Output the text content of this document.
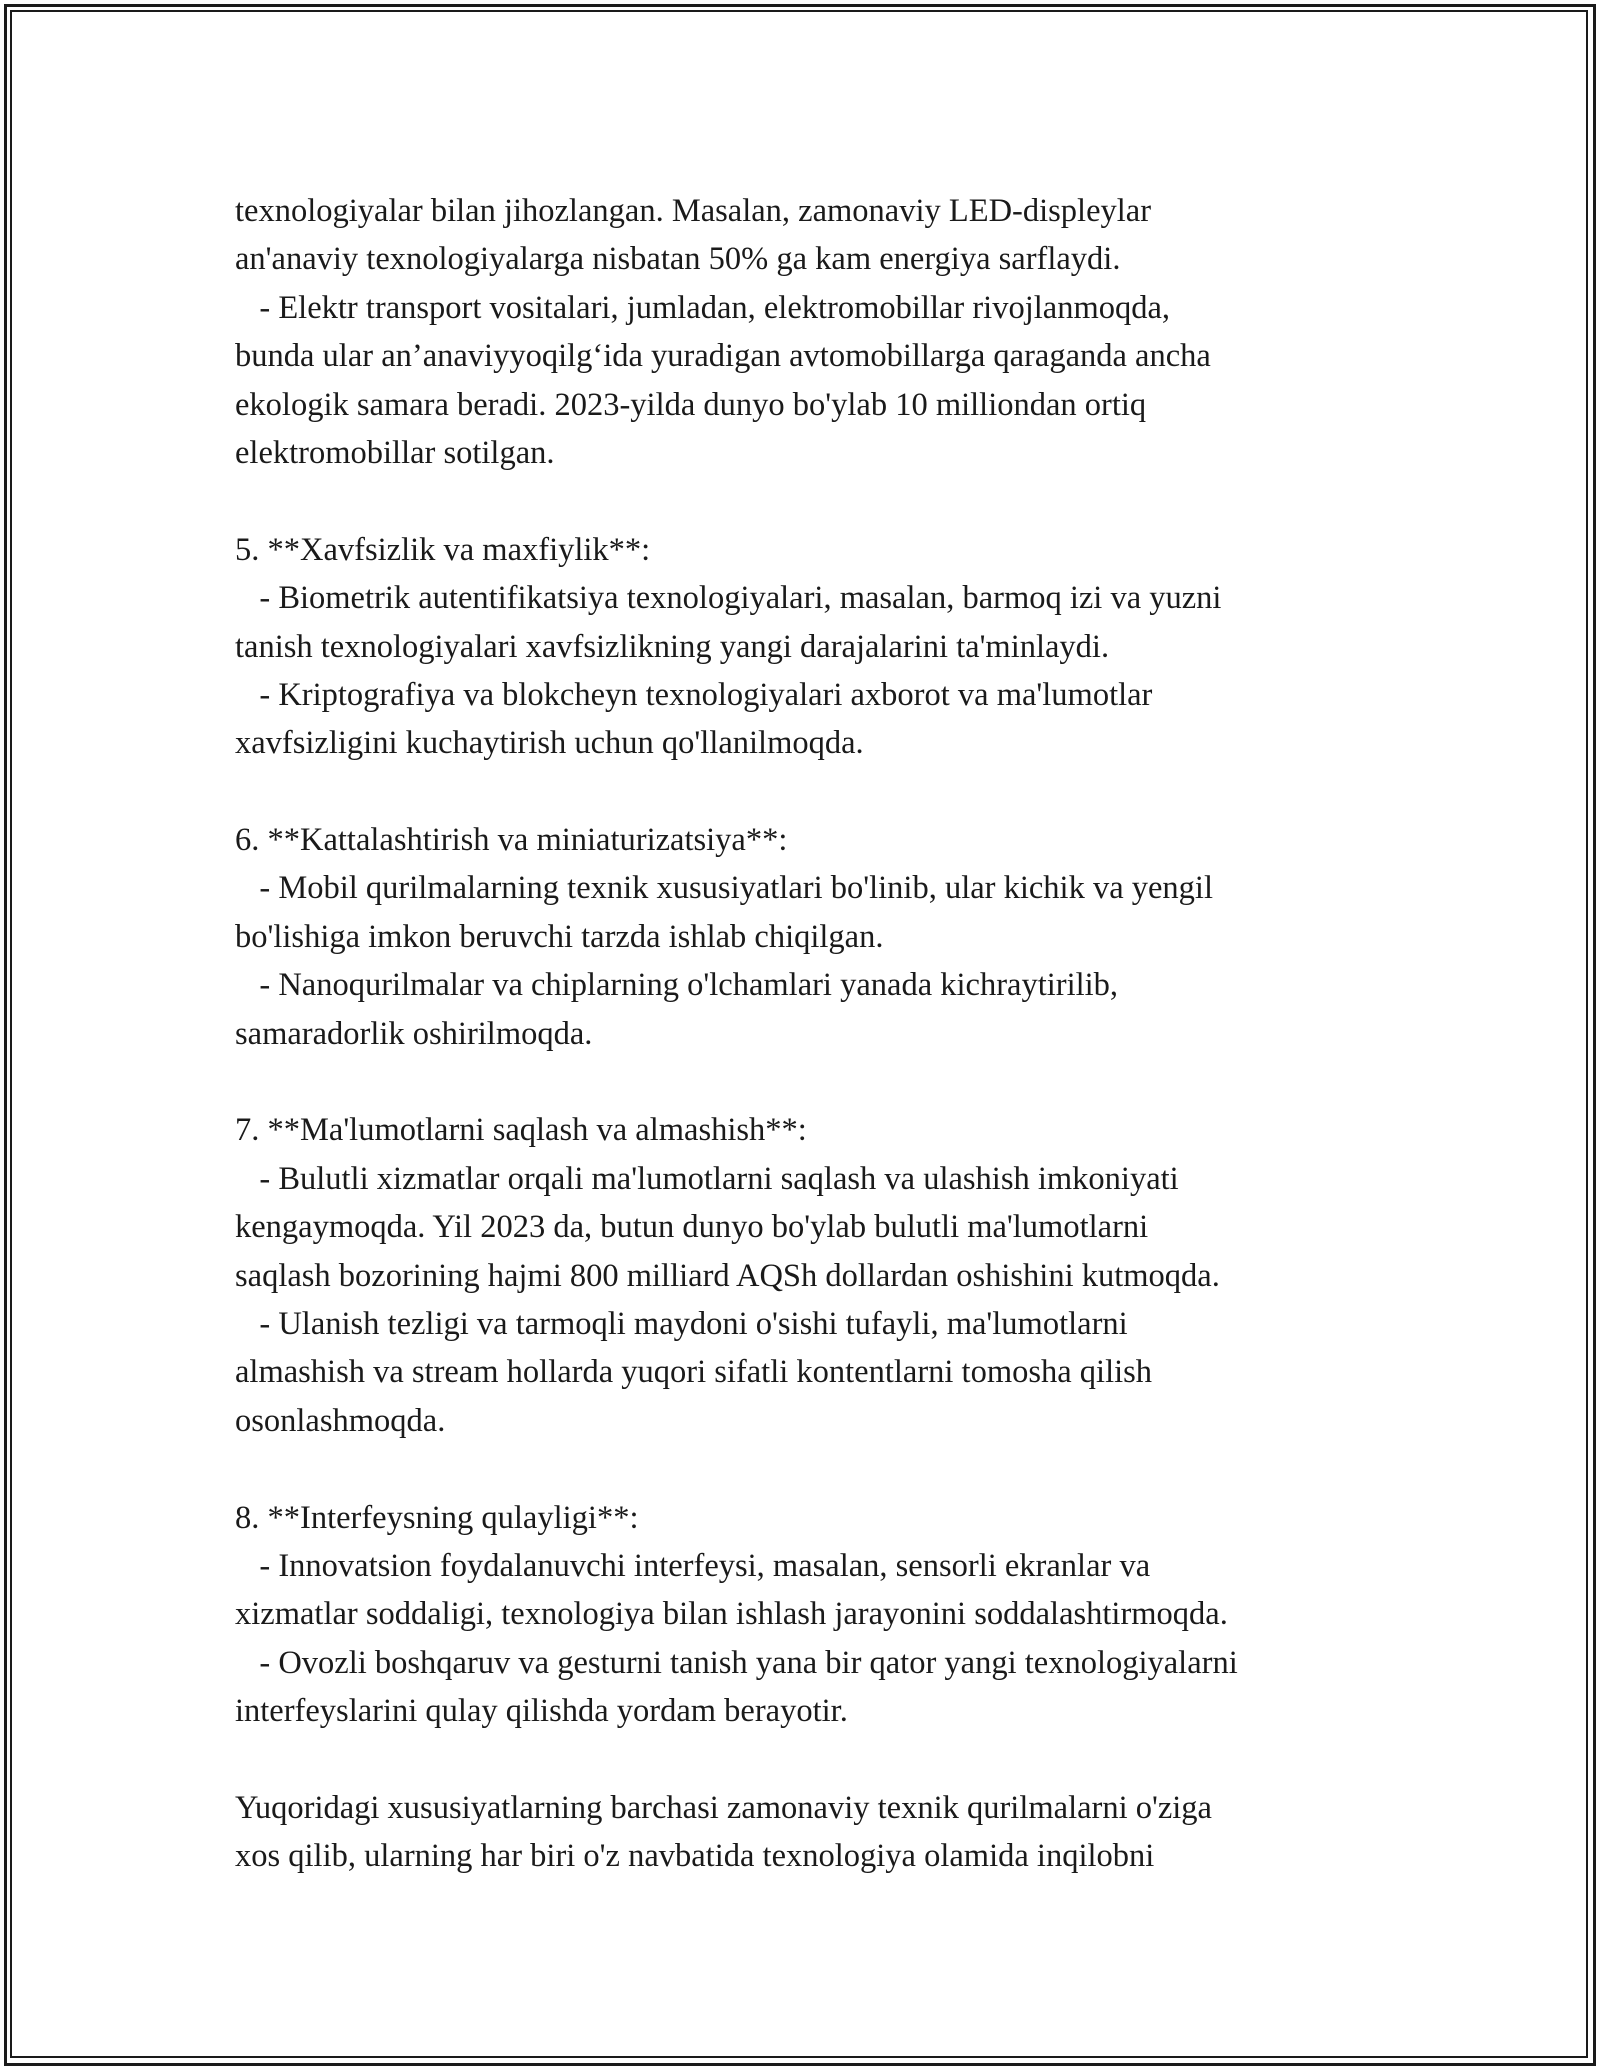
texnologiyalar bilan jihozlangan. Masalan, zamonaviy LED-displeylar
an'anaviy texnologiyalarga nisbatan 50% ga kam energiya sarflaydi.
- Elektr transport vositalari, jumladan, elektromobillar rivojlanmoqda,
bunda ular an’anaviyyoqilg‘ida yuradigan avtomobillarga qaraganda ancha
ekologik samara beradi. 2023-yilda dunyo bo'ylab 10 milliondan ortiq
elektromobillar sotilgan.
5. **Xavfsizlik va maxfiylik**:
- Biometrik autentifikatsiya texnologiyalari, masalan, barmoq izi va yuzni
tanish texnologiyalari xavfsizlikning yangi darajalarini ta'minlaydi.
- Kriptografiya va blokcheyn texnologiyalari axborot va ma'lumotlar
xavfsizligini kuchaytirish uchun qo'llanilmoqda.
6. **Kattalashtirish va miniaturizatsiya**:
- Mobil qurilmalarning texnik xususiyatlari bo'linib, ular kichik va yengil
bo'lishiga imkon beruvchi tarzda ishlab chiqilgan.
- Nanoqurilmalar va chiplarning o'lchamlari yanada kichraytirilib,
samaradorlik oshirilmoqda.
7. **Ma'lumotlarni saqlash va almashish**:
- Bulutli xizmatlar orqali ma'lumotlarni saqlash va ulashish imkoniyati
kengaymoqda. Yil 2023 da, butun dunyo bo'ylab bulutli ma'lumotlarni
saqlash bozorining hajmi 800 milliard AQSh dollardan oshishini kutmoqda.
- Ulanish tezligi va tarmoqli maydoni o'sishi tufayli, ma'lumotlarni
almashish va stream hollarda yuqori sifatli kontentlarni tomosha qilish
osonlashmoqda.
8. **Interfeysning qulayligi**:
- Innovatsion foydalanuvchi interfeysi, masalan, sensorli ekranlar va
xizmatlar soddaligi, texnologiya bilan ishlash jarayonini soddalashtirmoqda.
- Ovozli boshqaruv va gesturni tanish yana bir qator yangi texnologiyalarni
interfeyslarini qulay qilishda yordam berayotir.
Yuqoridagi xususiyatlarning barchasi zamonaviy texnik qurilmalarni o'ziga
xos qilib, ularning har biri o'z navbatida texnologiya olamida inqilobni
